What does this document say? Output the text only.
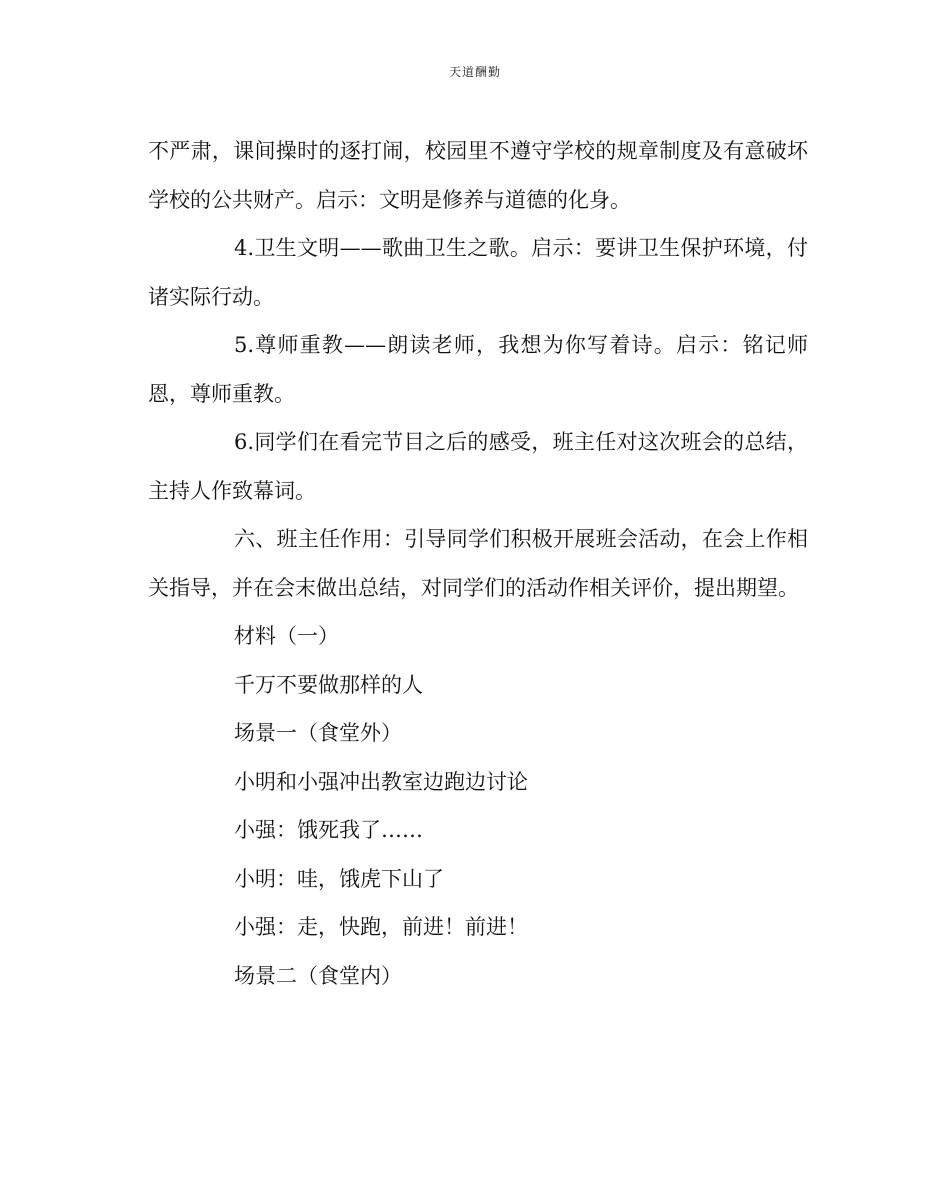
天道酬勤

不严肃，课间操时的逐打闹，校园里不遵守学校的规章制度及有意破坏学校的公共财产。启示：文明是修养与道德的化身。

4.卫生文明——歌曲卫生之歌。启示：要讲卫生保护环境，付诸实际行动。

5.尊师重教——朗读老师，我想为你写着诗。启示：铭记师恩，尊师重教。

6.同学们在看完节目之后的感受，班主任对这次班会的总结，主持人作致幕词。

六、班主任作用：引导同学们积极开展班会活动，在会上作相关指导，并在会末做出总结，对同学们的活动作相关评价，提出期望。

材料（一）

千万不要做那样的人

场景一（食堂外）

小明和小强冲出教室边跑边讨论

小强：饿死我了……

小明：哇，饿虎下山了

小强：走，快跑，前进！前进！

场景二（食堂内）
